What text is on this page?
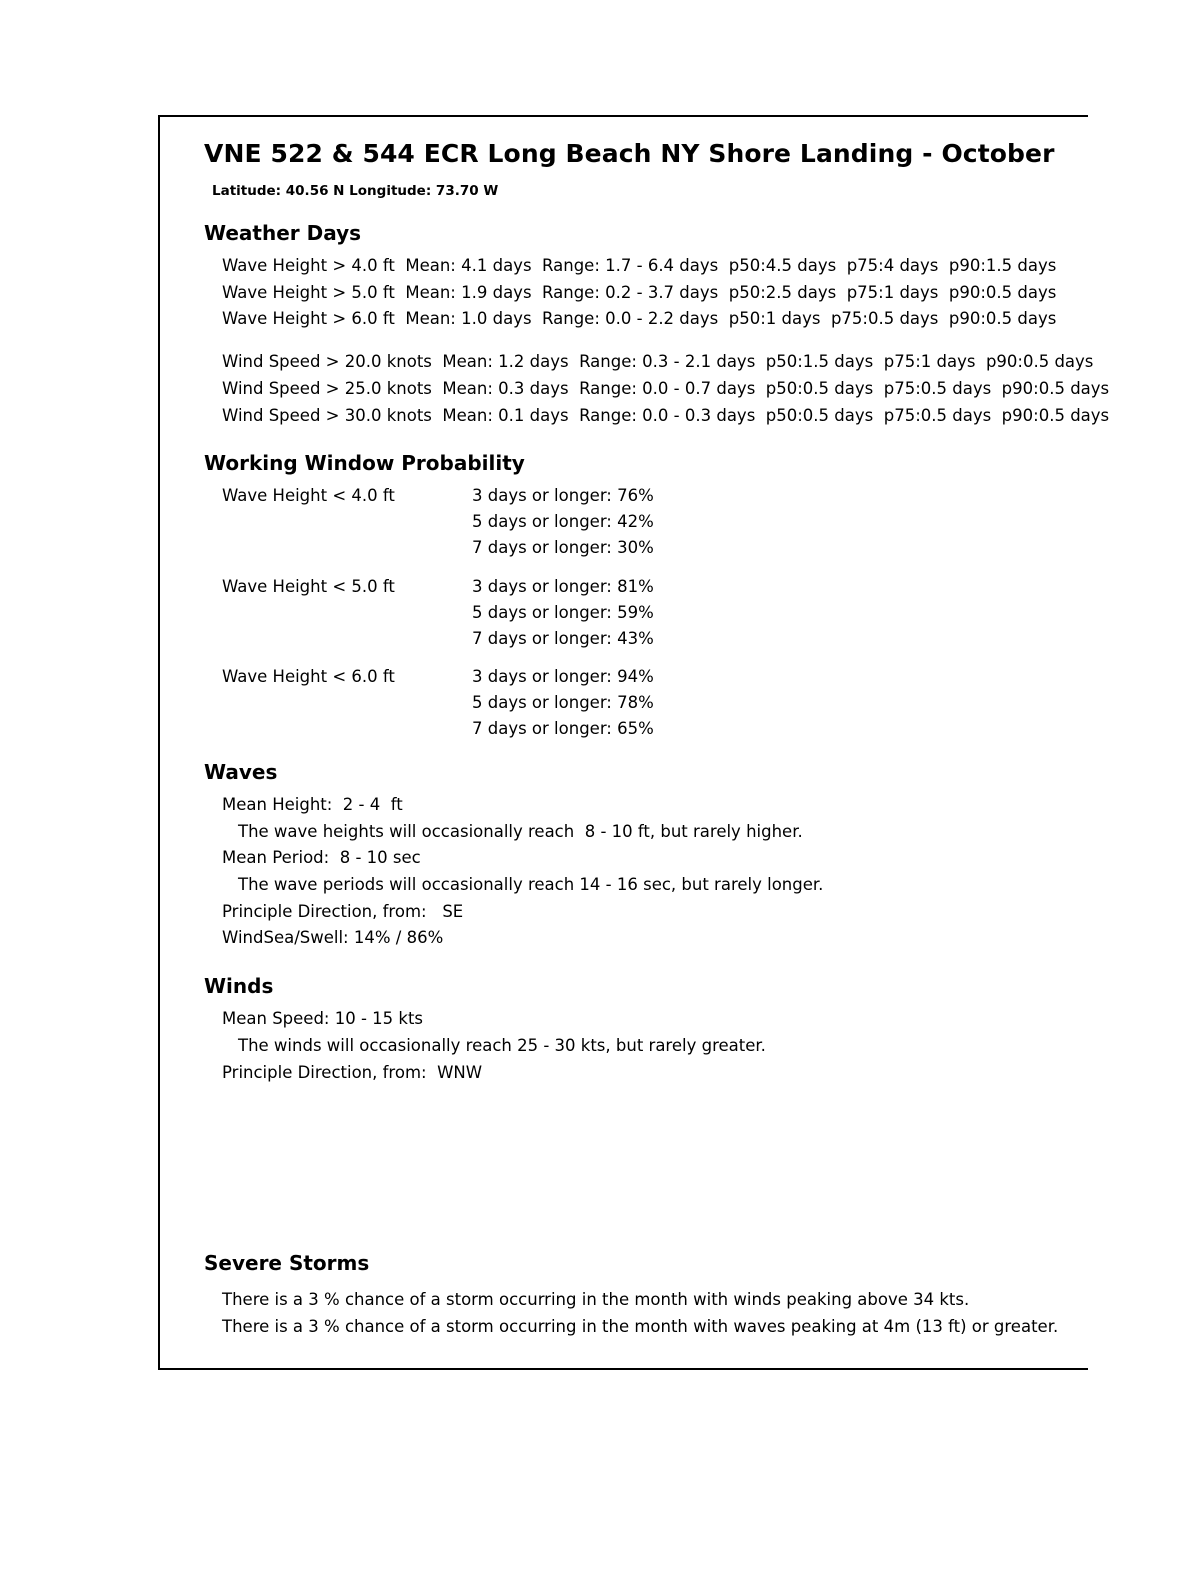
VNE 522 & 544 ECR Long Beach NY Shore Landing - October
Latitude: 40.56 N Longitude: 73.70 W
Weather Days
Wave Height > 4.0 ft  Mean: 4.1 days  Range: 1.7 - 6.4 days  p50:4.5 days  p75:4 days  p90:1.5 days
Wave Height > 5.0 ft  Mean: 1.9 days  Range: 0.2 - 3.7 days  p50:2.5 days  p75:1 days  p90:0.5 days
Wave Height > 6.0 ft  Mean: 1.0 days  Range: 0.0 - 2.2 days  p50:1 days  p75:0.5 days  p90:0.5 days
Wind Speed > 20.0 knots  Mean: 1.2 days  Range: 0.3 - 2.1 days  p50:1.5 days  p75:1 days  p90:0.5 days
Wind Speed > 25.0 knots  Mean: 0.3 days  Range: 0.0 - 0.7 days  p50:0.5 days  p75:0.5 days  p90:0.5 days
Wind Speed > 30.0 knots  Mean: 0.1 days  Range: 0.0 - 0.3 days  p50:0.5 days  p75:0.5 days  p90:0.5 days
Working Window Probability
Wave Height < 4.0 ft	3 days or longer: 76%
5 days or longer: 42%
7 days or longer: 30%
Wave Height < 5.0 ft	3 days or longer: 81%
5 days or longer: 59%
7 days or longer: 43%
Wave Height < 6.0 ft	3 days or longer: 94%
5 days or longer: 78%
7 days or longer: 65%
Waves
Mean Height:  2 - 4  ft
The wave heights will occasionally reach  8 - 10 ft, but rarely higher.
Mean Period:  8 - 10 sec
The wave periods will occasionally reach 14 - 16 sec, but rarely longer.
Principle Direction, from:   SE
WindSea/Swell: 14% / 86%
Winds
Mean Speed: 10 - 15 kts
The winds will occasionally reach 25 - 30 kts, but rarely greater.
Principle Direction, from:  WNW
Severe Storms
There is a 3 % chance of a storm occurring in the month with winds peaking above 34 kts.
There is a 3 % chance of a storm occurring in the month with waves peaking at 4m (13 ft) or greater.
